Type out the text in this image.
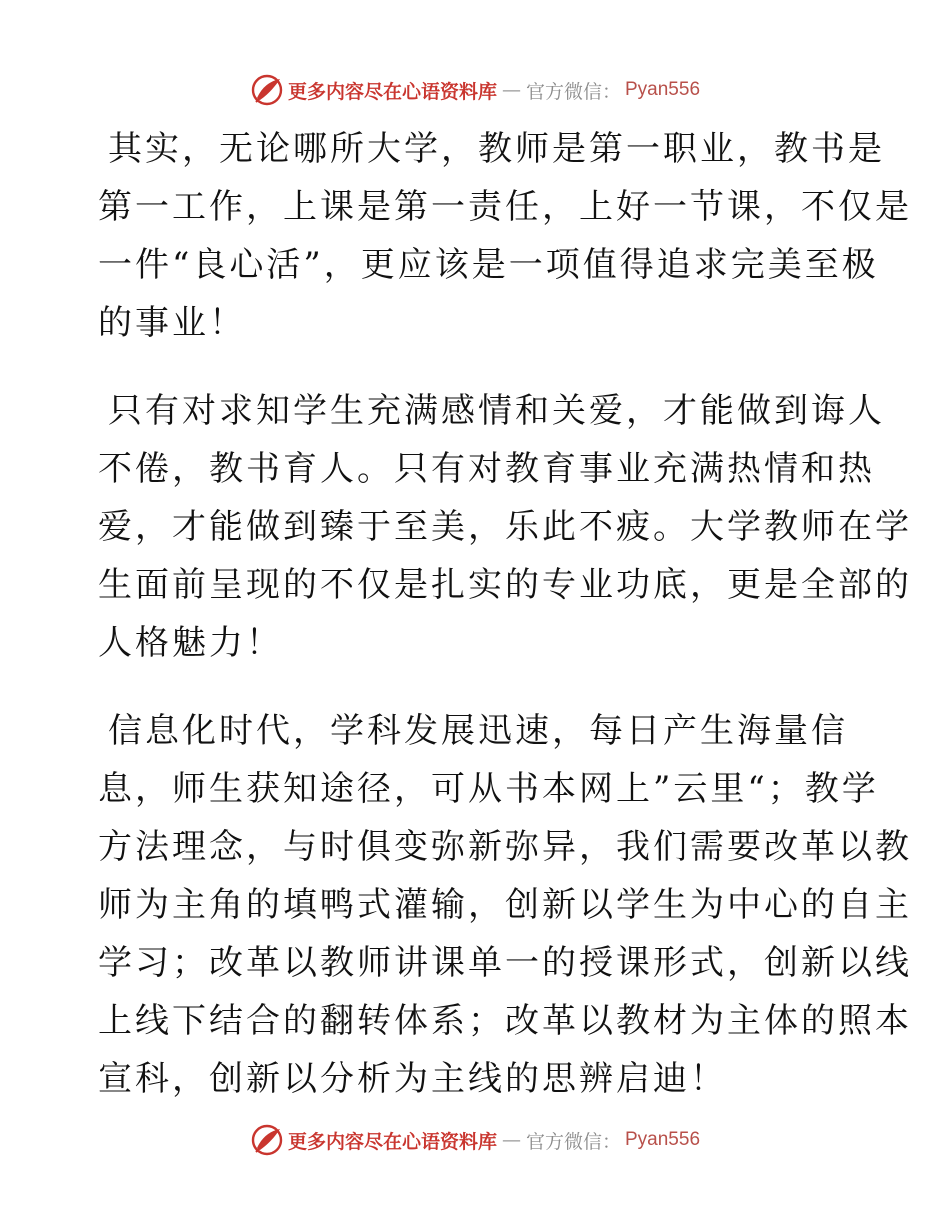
更多内容尽在心语资料库 — 官方微信： Pyan556
其实，无论哪所大学，教师是第一职业，教书是
第一工作，上课是第一责任，上好一节课，不仅是
一件“良心活”，更应该是一项值得追求完美至极
的事业！
只有对求知学生充满感情和关爱，才能做到诲人
不倦，教书育人。只有对教育事业充满热情和热
爱，才能做到臻于至美，乐此不疲。大学教师在学
生面前呈现的不仅是扎实的专业功底，更是全部的
人格魅力！
信息化时代，学科发展迅速，每日产生海量信
息，师生获知途径，可从书本网上”云里“；教学
方法理念，与时俱变弥新弥异，我们需要改革以教
师为主角的填鸭式灌输，创新以学生为中心的自主
学习；改革以教师讲课单一的授课形式，创新以线
上线下结合的翻转体系；改革以教材为主体的照本
宣科，创新以分析为主线的思辨启迪！
更多内容尽在心语资料库 — 官方微信： Pyan556
